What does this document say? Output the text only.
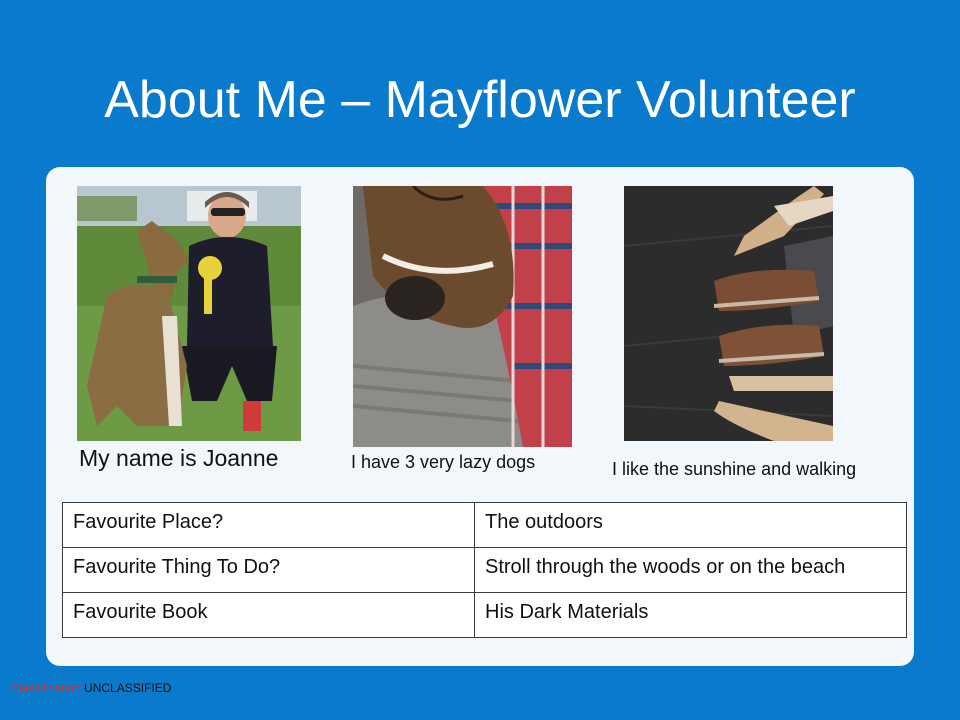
About Me – Mayflower Volunteer
My name is Joanne	I have 3 very lazy dogs	I like the sunshine and walking
Favourite Place?	The outdoors
Favourite Thing To Do?	Stroll through the woods or on the beach
Favourite Book	His Dark Materials
Classification:UNCLASSIFIED
